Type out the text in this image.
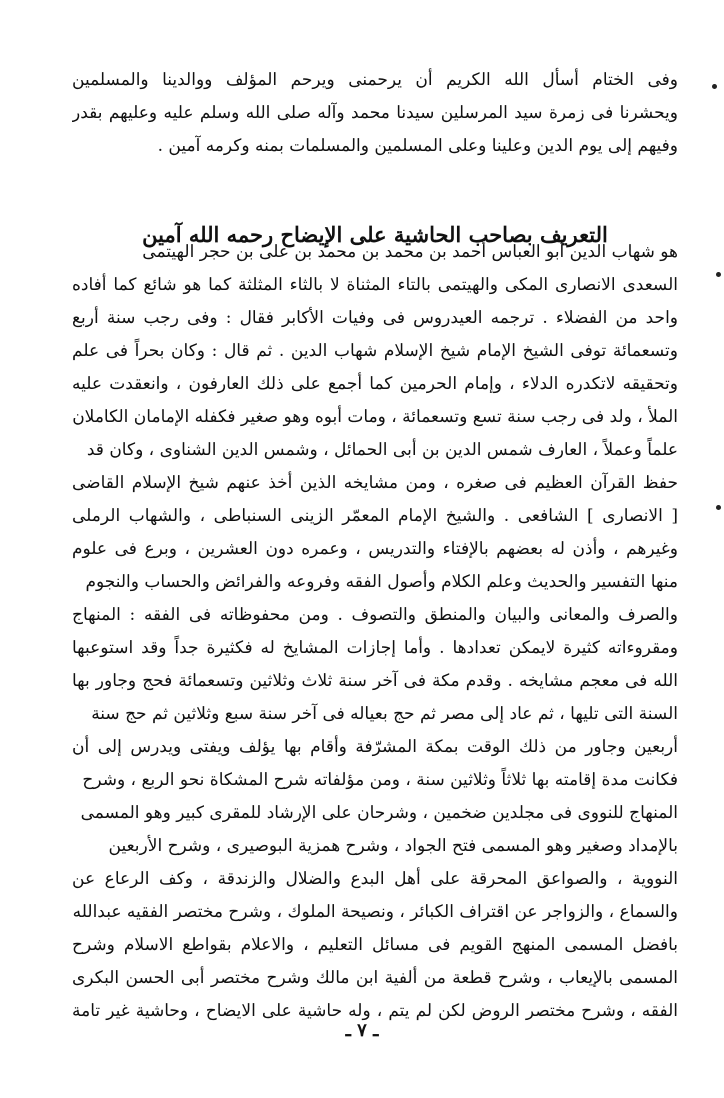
وفى الختام أسأل الله الكريم أن يرحمنى ويرحم المؤلف ووالدينا والمسلمين
ويحشرنا فى زمرة سيد المرسلين سيدنا محمد وآله صلى الله وسلم عليه وعليهم بقدر
وفيهم إلى يوم الدين وعلينا وعلى المسلمين والمسلمات بمنه وكرمه آمين .
التعريف بصاحب الحاشية على الإيضاح رحمه الله آمين
هو شهاب الدين أبو العباس أحمد بن محمد بن محمد بن على بن حجر الهيتمى
السعدى الانصارى المكى والهيتمى بالتاء المثناة لا بالثاء المثلثة كما هو شائع كما أفاده
واحد من الفضلاء . ترجمه العيدروس فى وفيات الأكابر فقال : وفى رجب سنة أربع
وتسعمائة توفى الشيخ الإمام شيخ الإسلام شهاب الدين . ثم قال : وكان بحراً فى علم
وتحقيقه لاتكدره الدلاء ، وإمام الحرمين كما أجمع على ذلك العارفون ، وانعقدت عليه
الملأ ، ولد فى رجب سنة تسع وتسعمائة ، ومات أبوه وهو صغير فكفله الإمامان الكاملان
علماً وعملاً ، العارف شمس الدين بن أبى الحمائل ، وشمس الدين الشناوى ، وكان قد
حفظ القرآن العظيم فى صغره ، ومن مشايخه الذين أخذ عنهم شيخ الإسلام القاضى
[ الانصارى ] الشافعى . والشيخ الإمام المعمّر الزينى السنباطى ، والشهاب الرملى
وغيرهم ، وأذن له بعضهم بالإفتاء والتدريس ، وعمره دون العشرين ، وبرع فى علوم
منها التفسير والحديث وعلم الكلام وأصول الفقه وفروعه والفرائض والحساب والنجوم
والصرف والمعانى والبيان والمنطق والتصوف . ومن محفوظاته فى الفقه : المنهاج
ومقروءاته كثيرة لايمكن تعدادها . وأما إجازات المشايخ له فكثيرة جداً وقد استوعبها
الله فى معجم مشايخه . وقدم مكة فى آخر سنة ثلاث وثلاثين وتسعمائة فحج وجاور بها
السنة التى تليها ، ثم عاد إلى مصر ثم حج بعياله فى آخر سنة سبع وثلاثين ثم حج سنة
أربعين وجاور من ذلك الوقت بمكة المشرّفة وأقام بها يؤلف ويفتى ويدرس إلى أن
فكانت مدة إقامته بها ثلاثاً وثلاثين سنة ، ومن مؤلفاته شرح المشكاة نحو الربع ، وشرح
المنهاج للنووى فى مجلدين ضخمين ، وشرحان على الإرشاد للمقرى كبير وهو المسمى
بالإمداد وصغير وهو المسمى فتح الجواد ، وشرح همزية البوصيرى ، وشرح الأربعين
النووية ، والصواعق المحرقة على أهل البدع والضلال والزندقة ، وكف الرعاع عن
والسماع ، والزواجر عن اقتراف الكبائر ، ونصيحة الملوك ، وشرح مختصر الفقيه عبدالله
بافضل المسمى المنهج القويم فى مسائل التعليم ، والاعلام بقواطع الاسلام وشرح
المسمى بالإيعاب ، وشرح قطعة من ألفية ابن مالك وشرح مختصر أبى الحسن البكرى
الفقه ، وشرح مختصر الروض لكن لم يتم ، وله حاشية على الايضاح ، وحاشية غير تامة
ـ ٧ ـ
